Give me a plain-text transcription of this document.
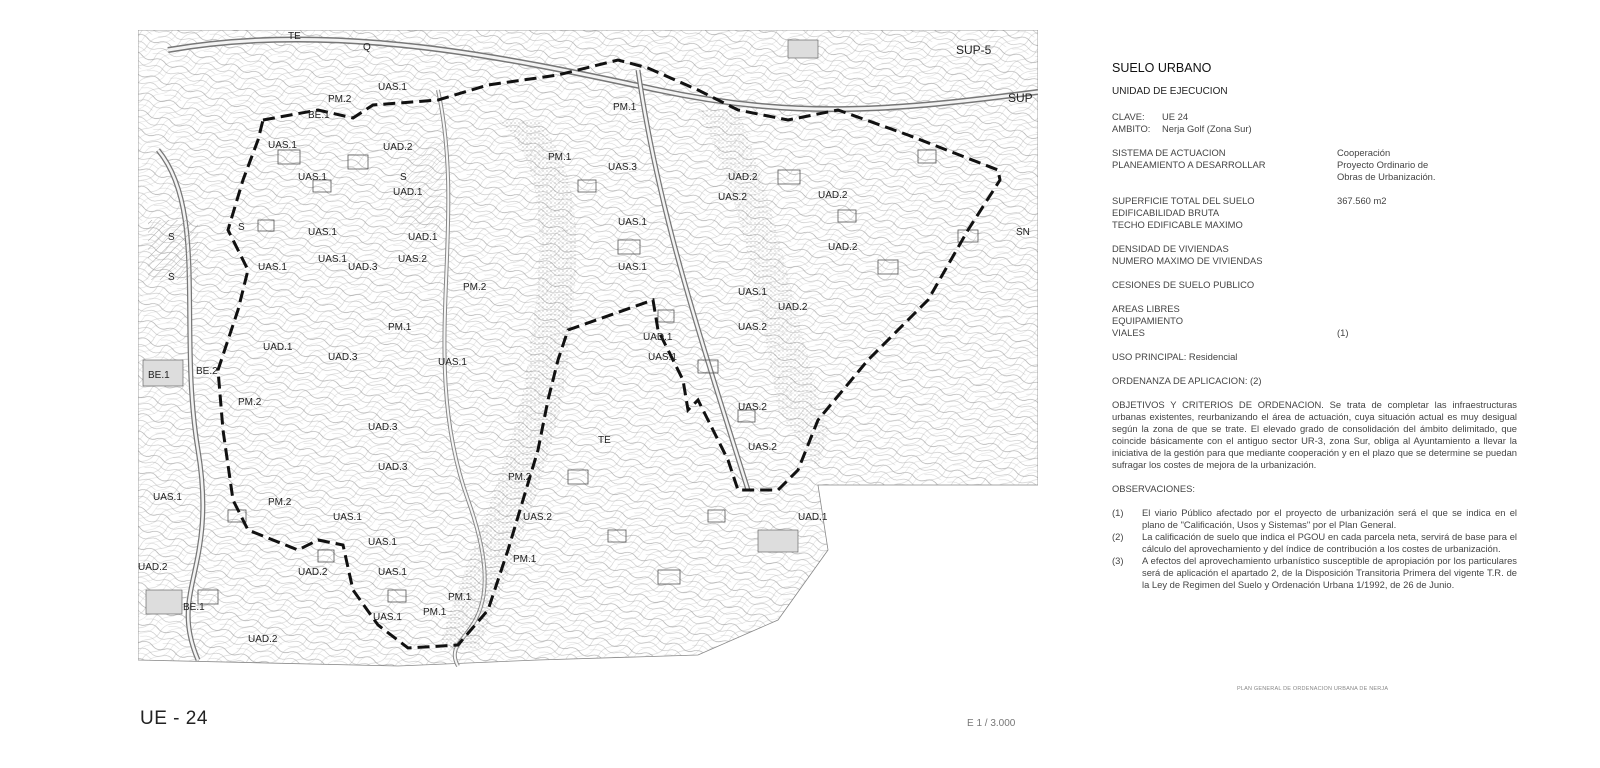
TE
Q
UAS.1
UAS.1
UAS.1
UAS.1
UAS.1
UAS.1
UAS.2
UAS.1
UAS.3
UAS.1
UAS.1
UAS.2
UAS.2
UAS.2
UAS.1
UAS.2
UAS.1
UAS.1
UAS.1
UAS.1
UAS.2
UAS.1
UAS.1
UAD.2
UAD.1
UAD.1
UAD.1
UAD.1
UAD.1
UAD.2
UAD.2
UAD.2
UAD.2
UAD.2
UAD.2
UAD.2
UAD.3
UAD.3
UAD.3
UAD.3
PM.1
PM.1
PM.1
PM.2
PM.2
PM.2
PM.2
PM.2
PM.1
PM.1
PM.1
BE.1
BE.2
BE.1
BE.1
TE
S
S
S
S
SUP-5
SUP
SN
UE - 24	E 1 / 3.000
SUELO URBANO
UNIDAD DE EJECUCION
CLAVE:	UE 24
AMBITO:	Nerja Golf (Zona Sur)
SISTEMA DE ACTUACION	Cooperación
PLANEAMIENTO A DESARROLLAR	Proyecto Ordinario de
Obras de Urbanización.
SUPERFICIE TOTAL DEL SUELO	367.560 m2
EDIFICABILIDAD BRUTA
TECHO EDIFICABLE MAXIMO
DENSIDAD DE VIVIENDAS
NUMERO MAXIMO DE VIVIENDAS
CESIONES DE SUELO PUBLICO
AREAS LIBRES
EQUIPAMIENTO
VIALES	(1)
USO PRINCIPAL: Residencial
ORDENANZA DE APLICACION: (2)
OBJETIVOS Y CRITERIOS DE ORDENACION. Se trata de completar las infraestructuras urbanas existentes, reurbanizando el área de actuación, cuya situación actual es muy desigual según la zona de que se trate. El elevado grado de consolidación del ámbito delimitado, que coincide básicamente con el antiguo sector UR-3, zona Sur, obliga al Ayuntamiento a llevar la iniciativa de la gestión para que mediante cooperación y en el plazo que se determine se puedan sufragar los costes de mejora de la urbanización.
OBSERVACIONES:
(1)	El viario Público afectado por el proyecto de urbanización será el que se indica en el plano de "Calificación, Usos y Sistemas" por el Plan General.
(2)	La calificación de suelo que indica el PGOU en cada parcela neta, servirá de base para el cálculo del aprovechamiento y del índice de contribución a los costes de urbanización.
(3)	A efectos del aprovechamiento urbanístico susceptible de apropiación por los particulares será de aplicación el apartado 2, de la Disposición Transitoria Primera del vigente T.R. de la Ley de Regimen del Suelo y Ordenación Urbana 1/1992, de 26 de Junio.
PLAN GENERAL DE ORDENACION URBANA DE NERJA
